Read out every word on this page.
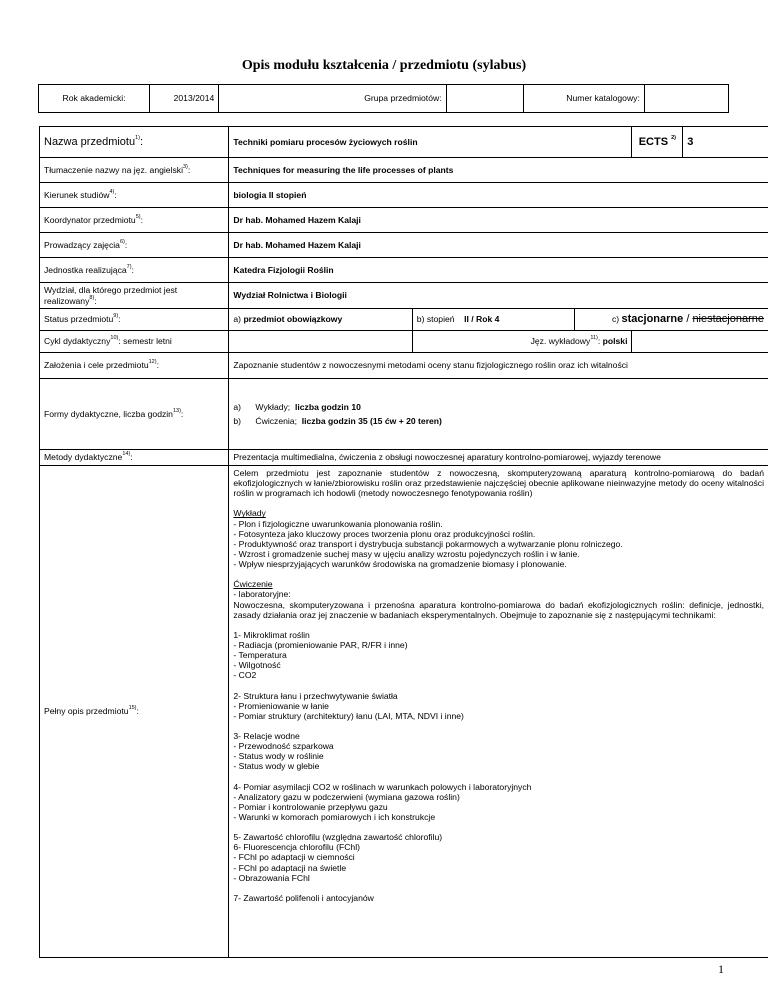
Opis modułu kształcenia / przedmiotu (sylabus)
Rok akademicki:	2013/2014	Grupa przedmiotów:		Numer katalogowy:	
Nazwa przedmiotu$^{1)}$:	Techniki pomiaru procesów życiowych roślin	ECTS $^{2)}$	3
Tłumaczenie nazwy na jęz. angielski$^{3)}$:	Techniques for measuring the life processes of plants
Kierunek studiów$^{4)}$:	biologia II stopień
Koordynator przedmiotu$^{5)}$:	Dr hab. Mohamed Hazem Kalaji
Prowadzący zajęcia$^{6)}$:	Dr hab. Mohamed Hazem Kalaji
Jednostka realizująca$^{7)}$:	Katedra Fizjologii Roślin
Wydział, dla którego przedmiot jest
realizowany$^{8)}$:	Wydział Rolnictwa i Biologii
Status przedmiotu$^{9)}$:	a) przedmiot obowiązkowy	b) stopień II / Rok 4	c) stacjonarne / niestacjonarne
Cykl dydaktyczny$^{10)}$: semestr letni		Jęz. wykładowy$^{11)}$: polski	
Założenia i cele przedmiotu$^{12)}$:	Zapoznanie studentów z nowoczesnymi metodami oceny stanu fizjologicznego roślin oraz ich witalności
Formy dydaktyczne, liczba godzin$^{13)}$:	
a)	Wykłady; liczba godzin 10
b)	Ćwiczenia; liczba godzin 35 (15 ćw + 20 teren)

Metody dydaktyczne$^{14)}$:	Prezentacja multimedialna, ćwiczenia z obsługi nowoczesnej aparatury kontrolno-pomiarowej, wyjazdy terenowe
Pełny opis przedmiotu$^{15)}$:	

Celem przedmiotu jest zapoznanie studentów z nowoczesną, skomputeryzowaną aparaturą kontrolno-pomiarową do badań ekofizjologicznych w łanie/zbiorowisku roślin oraz przedstawienie najczęściej obecnie aplikowane nieinwazyjne metody do oceny witalności roślin w programach ich hodowli (metody nowoczesnego fenotypowania roślin)

Wykłady

- Plon i fizjologiczne uwarunkowania plonowania roślin.

- Fotosynteza jako kluczowy proces tworzenia plonu oraz produkcyjności roślin.

- Produktywność oraz transport i dystrybucja substancji pokarmowych a wytwarzanie plonu rolniczego.

- Wzrost i gromadzenie suchej masy w ujęciu analizy wzrostu pojedynczych roślin i w łanie.

- Wpływ niesprzyjających warunków środowiska na gromadzenie biomasy i plonowanie.

Ćwiczenie

- laboratoryjne:

Nowoczesna, skomputeryzowana i przenośna aparatura kontrolno-pomiarowa do badań ekofizjologicznych roślin: definicje, jednostki, zasady działania oraz jej znaczenie w badaniach eksperymentalnych. Obejmuje to zapoznanie się z następującymi technikami:

1- Mikroklimat roślin

- Radiacja (promieniowanie PAR, R/FR i inne)

- Temperatura

- Wilgotność

- CO2

2- Struktura łanu i przechwytywanie światła

- Promieniowanie w łanie

- Pomiar struktury (architektury) łanu (LAI, MTA, NDVI i inne)

3- Relacje wodne

- Przewodność szparkowa

- Status wody w roślinie

- Status wody w glebie

4- Pomiar asymilacji CO2 w roślinach w warunkach polowych i laboratoryjnych

- Analizatory gazu w podczerwieni (wymiana gazowa roślin)

- Pomiar i kontrolowanie przepływu gazu

- Warunki w komorach pomiarowych i ich konstrukcje

5- Zawartość chlorofilu (względna zawartość chlorofilu)

6- Fluorescencja chlorofilu (FChl)

- FChl po adaptacji w ciemności

- FChl po adaptacji na świetle

- Obrazowania FChl

7- Zawartość polifenoli i antocyjanów

1
